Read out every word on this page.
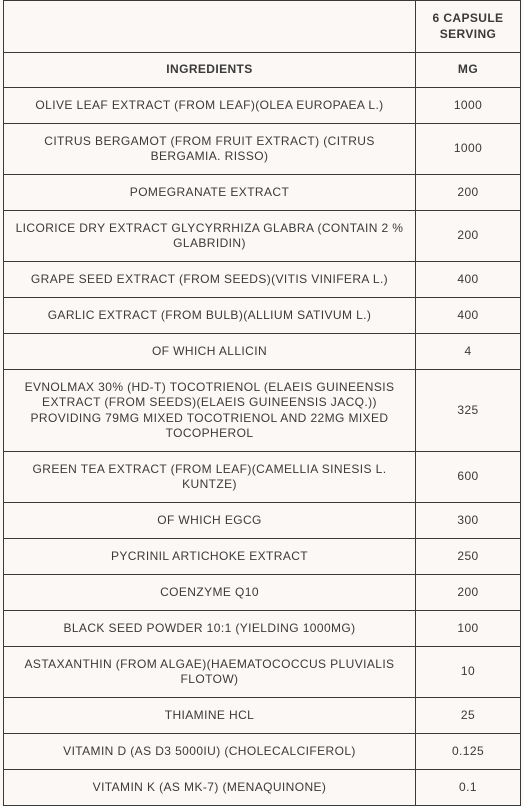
	6 CAPSULE SERVING
INGREDIENTS	MG
OLIVE LEAF EXTRACT (FROM LEAF)(OLEA EUROPAEA L.)	1000
CITRUS BERGAMOT (FROM FRUIT EXTRACT) (CITRUS BERGAMIA. RISSO)	1000
POMEGRANATE EXTRACT	200
LICORICE DRY EXTRACT GLYCYRRHIZA GLABRA (CONTAIN 2 % GLABRIDIN)	200
GRAPE SEED EXTRACT (FROM SEEDS)(VITIS VINIFERA L.)	400
GARLIC EXTRACT (FROM BULB)(ALLIUM SATIVUM L.)	400
OF WHICH ALLICIN	4
EVNOLMAX 30% (HD-T) TOCOTRIENOL (ELAEIS GUINEENSIS EXTRACT (FROM SEEDS)(ELAEIS GUINEENSIS JACQ.)) PROVIDING 79MG MIXED TOCOTRIENOL AND 22MG MIXED TOCOPHEROL	325
GREEN TEA EXTRACT (FROM LEAF)(CAMELLIA SINESIS L. KUNTZE)	600
OF WHICH EGCG	300
PYCRINIL ARTICHOKE EXTRACT	250
COENZYME Q10	200
BLACK SEED POWDER 10:1 (YIELDING 1000MG)	100
ASTAXANTHIN (FROM ALGAE)(HAEMATOCOCCUS PLUVIALIS FLOTOW)	10
THIAMINE HCL	25
VITAMIN D (AS D3 5000IU) (CHOLECALCIFEROL)	0.125
VITAMIN K (AS MK-7) (MENAQUINONE)	0.1
